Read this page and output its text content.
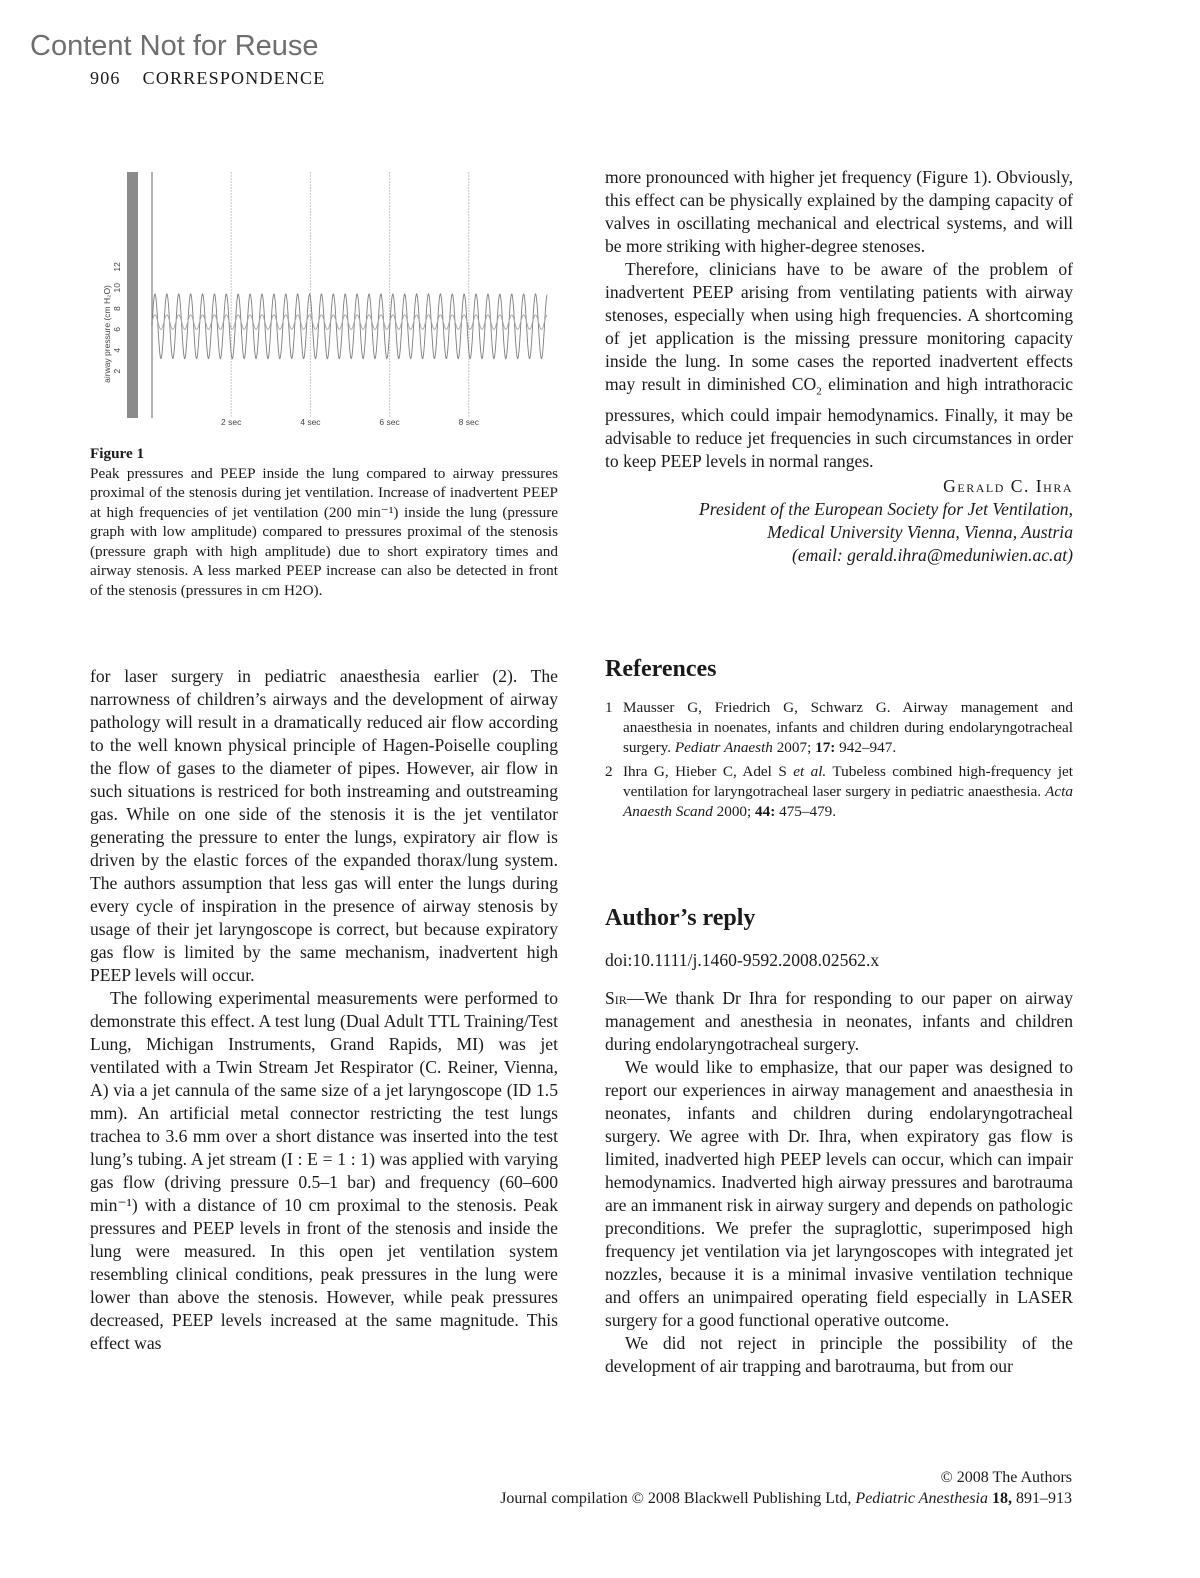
Content Not for Reuse
906 CORRESPONDENCE
airway pressure (cm H₂O) 2
4
6
8
10
12
2 sec	4 sec	6 sec	8 sec
Figure 1
Peak pressures and PEEP inside the lung compared to airway pressures proximal of the stenosis during jet ventilation. Increase of inadvertent PEEP at high frequencies of jet ventilation (200 min⁻¹) inside the lung (pressure graph with low amplitude) compared to pressures proximal of the stenosis (pressure graph with high amplitude) due to short expiratory times and airway stenosis. A less marked PEEP increase can also be detected in front of the stenosis (pressures in cm H2O).

for laser surgery in pediatric anaesthesia earlier (2). The narrowness of children’s airways and the development of airway pathology will result in a dramatically reduced air flow according to the well known physical principle of Hagen-Poiselle coupling the flow of gases to the diameter of pipes. However, air flow in such situations is restriced for both instreaming and outstreaming gas. While on one side of the stenosis it is the jet ventilator generating the pressure to enter the lungs, expiratory air flow is driven by the elastic forces of the expanded thorax/lung system. The authors assumption that less gas will enter the lungs during every cycle of inspiration in the presence of airway stenosis by usage of their jet laryngoscope is correct, but because expiratory gas flow is limited by the same mechanism, inadvertent high PEEP levels will occur.

The following experimental measurements were performed to demonstrate this effect. A test lung (Dual Adult TTL Training/Test Lung, Michigan Instruments, Grand Rapids, MI) was jet ventilated with a Twin Stream Jet Respirator (C. Reiner, Vienna, A) via a jet cannula of the same size of a jet laryngoscope (ID 1.5 mm). An artificial metal connector restricting the test lungs trachea to 3.6 mm over a short distance was inserted into the test lung’s tubing. A jet stream (I : E = 1 : 1) was applied with varying gas flow (driving pressure 0.5–1 bar) and frequency (60–600 min⁻¹) with a distance of 10 cm proximal to the stenosis. Peak pressures and PEEP levels in front of the stenosis and inside the lung were measured. In this open jet ventilation system resembling clinical conditions, peak pressures in the lung were lower than above the stenosis. However, while peak pressures decreased, PEEP levels increased at the same magnitude. This effect was

more pronounced with higher jet frequency (Figure 1). Obviously, this effect can be physically explained by the damping capacity of valves in oscillating mechanical and electrical systems, and will be more striking with higher-degree stenoses.

Therefore, clinicians have to be aware of the problem of inadvertent PEEP arising from ventilating patients with airway stenoses, especially when using high frequencies. A shortcoming of jet application is the missing pressure monitoring capacity inside the lung. In some cases the reported inadvertent effects may result in diminished $CO_2$ elimination and high intrathoracic pressures, which could impair hemodynamics. Finally, it may be advisable to reduce jet frequencies in such circumstances in order to keep PEEP levels in normal ranges.

Gerald C. Ihra
President of the European Society for Jet Ventilation,
Medical University Vienna, Vienna, Austria
(email: gerald.ihra@meduniwien.ac.at)
References
1 Mausser G, Friedrich G, Schwarz G. Airway management and anaesthesia in noenates, infants and children during endolaryngotracheal surgery. Pediatr Anaesth 2007; 17: 942–947.
2 Ihra G, Hieber C, Adel S et al. Tubeless combined high-frequency jet ventilation for laryngotracheal laser surgery in pediatric anaesthesia. Acta Anaesth Scand 2000; 44: 475–479.
Author’s reply
doi:10.1111/j.1460-9592.2008.02562.x

Sir—We thank Dr Ihra for responding to our paper on airway management and anesthesia in neonates, infants and children during endolaryngotracheal surgery.

We would like to emphasize, that our paper was designed to report our experiences in airway management and anaesthesia in neonates, infants and children during endolaryngotracheal surgery. We agree with Dr. Ihra, when expiratory gas flow is limited, inadverted high PEEP levels can occur, which can impair hemodynamics. Inadverted high airway pressures and barotrauma are an immanent risk in airway surgery and depends on pathologic preconditions. We prefer the supraglottic, superimposed high frequency jet ventilation via jet laryngoscopes with integrated jet nozzles, because it is a minimal invasive ventilation technique and offers an unimpaired operating field especially in LASER surgery for a good functional operative outcome.

We did not reject in principle the possibility of the development of air trapping and barotrauma, but from our

© 2008 The Authors
Journal compilation © 2008 Blackwell Publishing Ltd, Pediatric Anesthesia 18, 891–913
